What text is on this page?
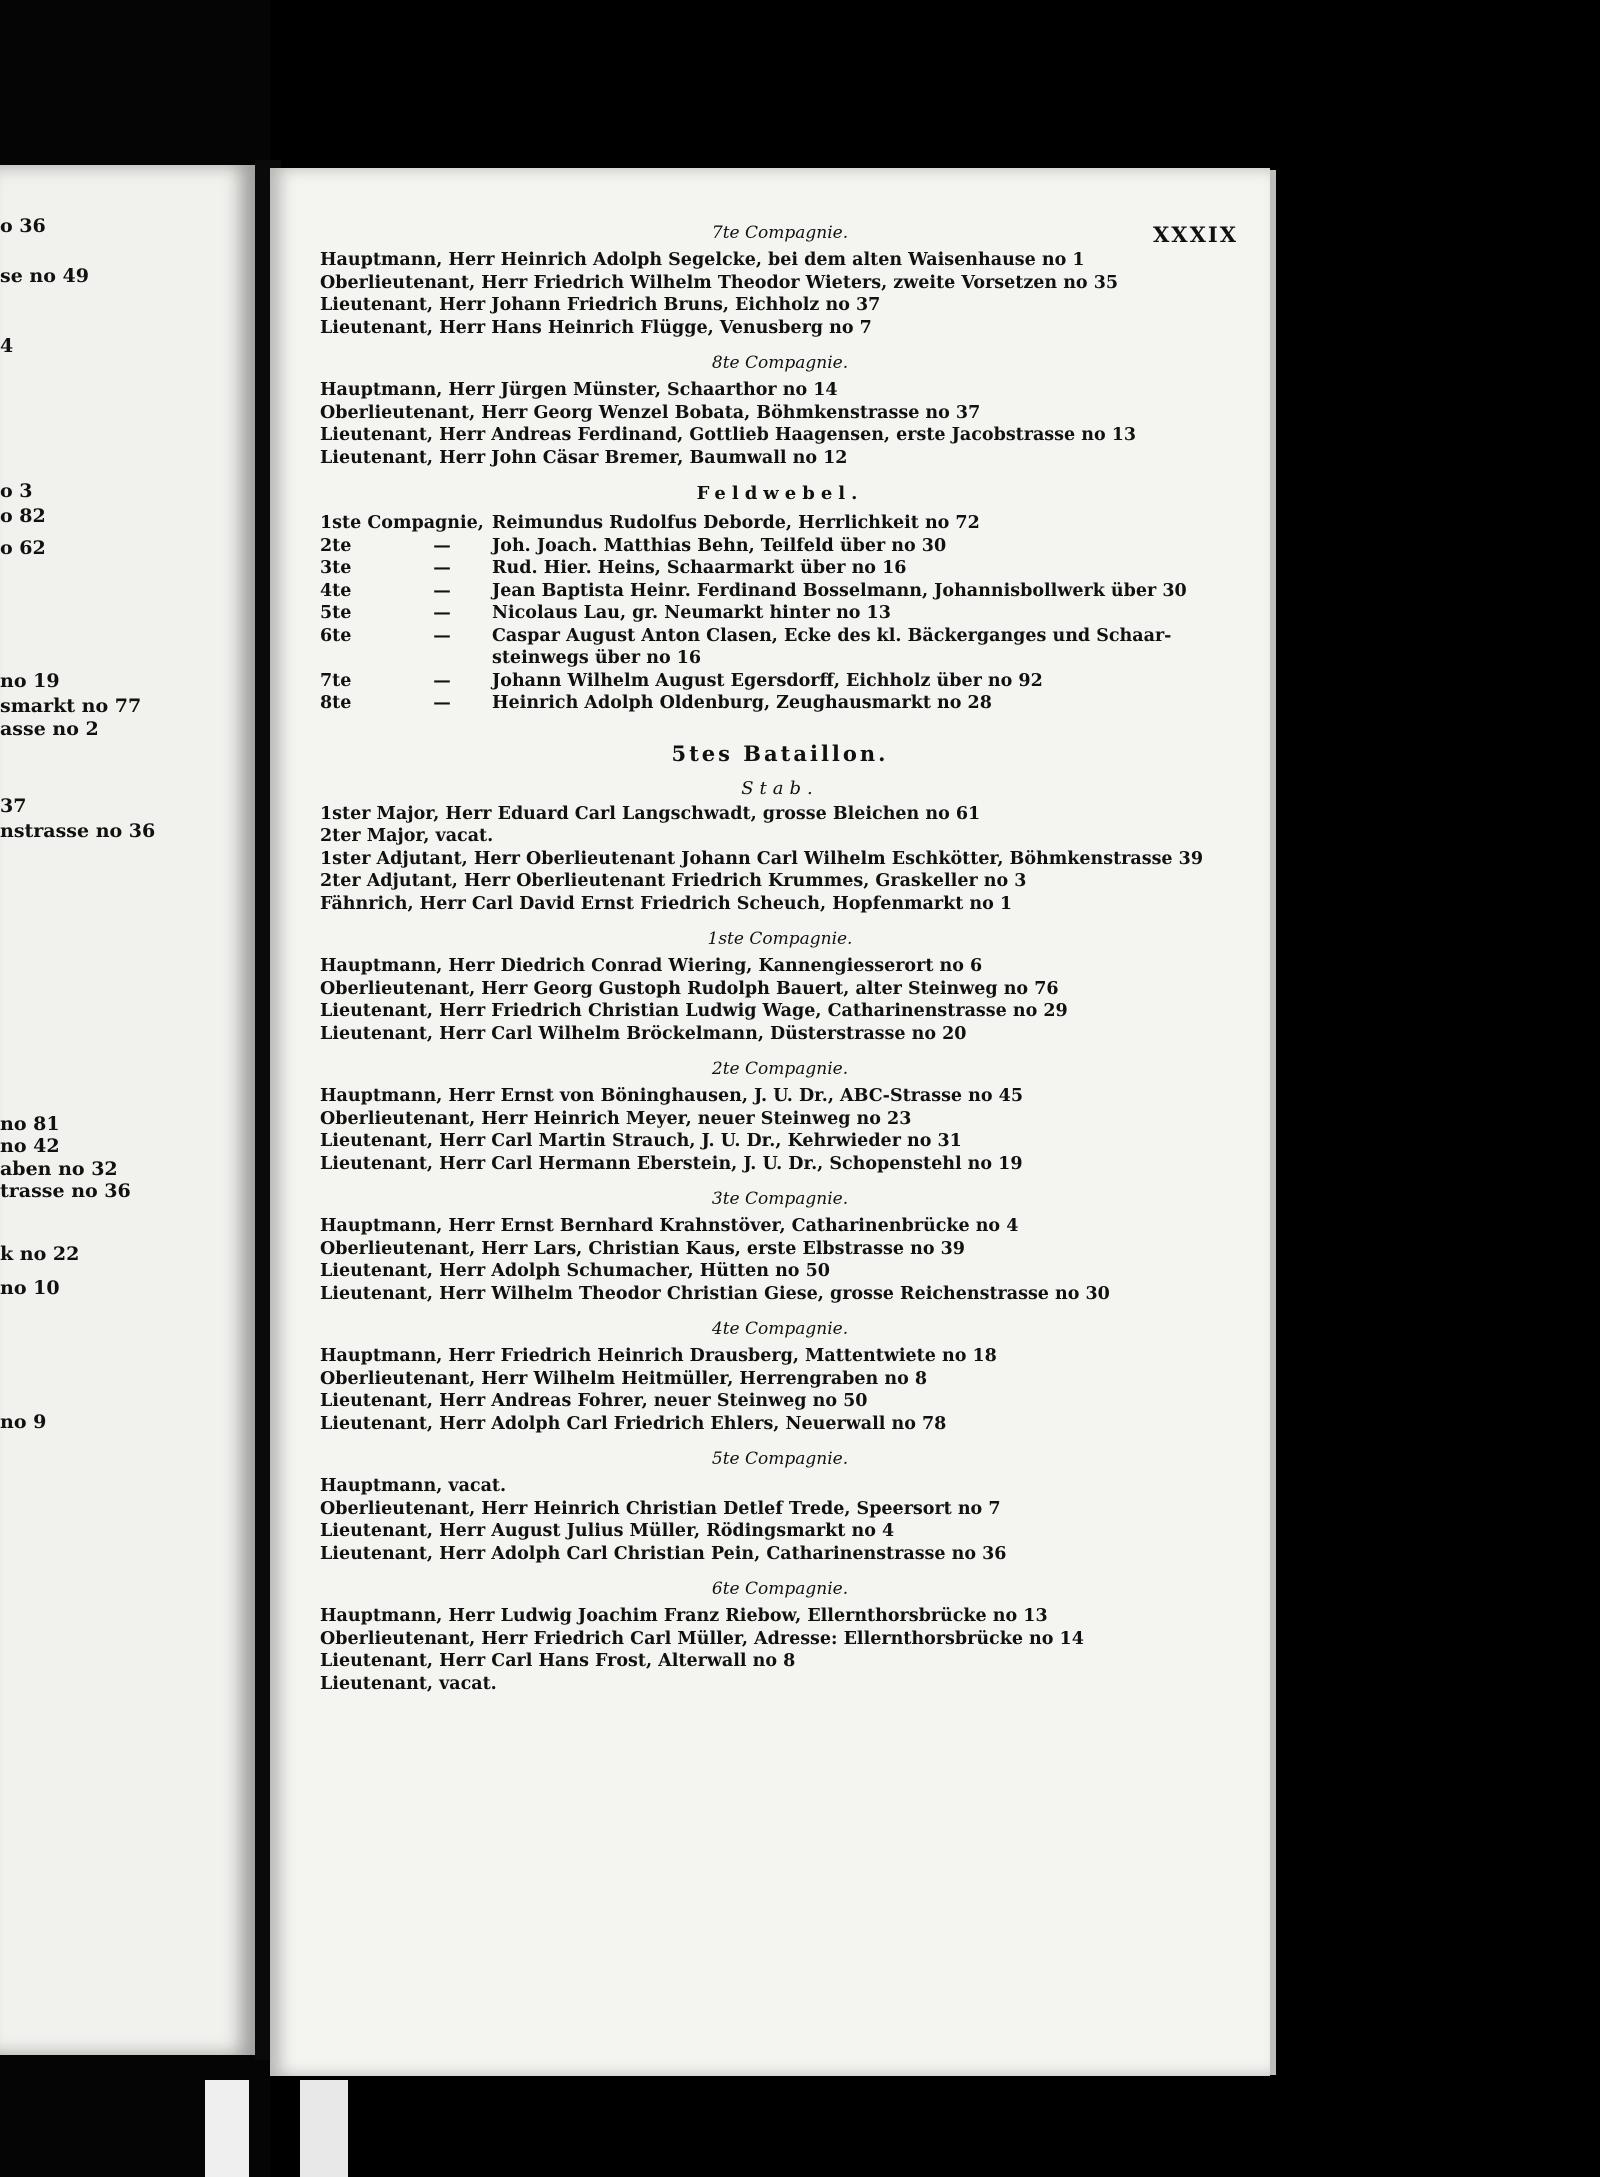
o 36
se no 49
4
o 3
o 82
o 62
no 19
smarkt no 77
asse no 2
37
nstrasse no 36
no 81
no 42
aben no 32
trasse no 36
k no 22
no 10
no 9
XXXIX
7te Compagnie.
Hauptmann, Herr Heinrich Adolph Segelcke, bei dem alten Waisenhause no 1
Oberlieutenant, Herr Friedrich Wilhelm Theodor Wieters, zweite Vorsetzen no 35
Lieutenant, Herr Johann Friedrich Bruns, Eichholz no 37
Lieutenant, Herr Hans Heinrich Flügge, Venusberg no 7
8te Compagnie.
Hauptmann, Herr Jürgen Münster, Schaarthor no 14
Oberlieutenant, Herr Georg Wenzel Bobata, Böhmkenstrasse no 37
Lieutenant, Herr Andreas Ferdinand, Gottlieb Haagensen, erste Jacobstrasse no 13
Lieutenant, Herr John Cäsar Bremer, Baumwall no 12
Feldwebel.
1ste Compagnie, Reimundus Rudolfus Deborde, Herrlichkeit no 72
2te	—	Joh. Joach. Matthias Behn, Teilfeld über no 30
3te	—	Rud. Hier. Heins, Schaarmarkt über no 16
4te	—	Jean Baptista Heinr. Ferdinand Bosselmann, Johannisbollwerk über 30
5te	—	Nicolaus Lau, gr. Neumarkt hinter no 13
6te	—	Caspar August Anton Clasen, Ecke des kl. Bäckerganges und Schaar-
steinwegs über no 16
7te	—	Johann Wilhelm August Egersdorff, Eichholz über no 92
8te	—	Heinrich Adolph Oldenburg, Zeughausmarkt no 28
5tes Bataillon.
Stab.
1ster Major, Herr Eduard Carl Langschwadt, grosse Bleichen no 61
2ter Major, vacat.
1ster Adjutant, Herr Oberlieutenant Johann Carl Wilhelm Eschkötter, Böhmkenstrasse 39
2ter Adjutant, Herr Oberlieutenant Friedrich Krummes, Graskeller no 3
Fähnrich, Herr Carl David Ernst Friedrich Scheuch, Hopfenmarkt no 1
1ste Compagnie.
Hauptmann, Herr Diedrich Conrad Wiering, Kannengiesserort no 6
Oberlieutenant, Herr Georg Gustoph Rudolph Bauert, alter Steinweg no 76
Lieutenant, Herr Friedrich Christian Ludwig Wage, Catharinenstrasse no 29
Lieutenant, Herr Carl Wilhelm Bröckelmann, Düsterstrasse no 20
2te Compagnie.
Hauptmann, Herr Ernst von Böninghausen, J. U. Dr., ABC-Strasse no 45
Oberlieutenant, Herr Heinrich Meyer, neuer Steinweg no 23
Lieutenant, Herr Carl Martin Strauch, J. U. Dr., Kehrwieder no 31
Lieutenant, Herr Carl Hermann Eberstein, J. U. Dr., Schopenstehl no 19
3te Compagnie.
Hauptmann, Herr Ernst Bernhard Krahnstöver, Catharinenbrücke no 4
Oberlieutenant, Herr Lars, Christian Kaus, erste Elbstrasse no 39
Lieutenant, Herr Adolph Schumacher, Hütten no 50
Lieutenant, Herr Wilhelm Theodor Christian Giese, grosse Reichenstrasse no 30
4te Compagnie.
Hauptmann, Herr Friedrich Heinrich Drausberg, Mattentwiete no 18
Oberlieutenant, Herr Wilhelm Heitmüller, Herrengraben no 8
Lieutenant, Herr Andreas Fohrer, neuer Steinweg no 50
Lieutenant, Herr Adolph Carl Friedrich Ehlers, Neuerwall no 78
5te Compagnie.
Hauptmann, vacat.
Oberlieutenant, Herr Heinrich Christian Detlef Trede, Speersort no 7
Lieutenant, Herr August Julius Müller, Rödingsmarkt no 4
Lieutenant, Herr Adolph Carl Christian Pein, Catharinenstrasse no 36
6te Compagnie.
Hauptmann, Herr Ludwig Joachim Franz Riebow, Ellernthorsbrücke no 13
Oberlieutenant, Herr Friedrich Carl Müller, Adresse: Ellernthorsbrücke no 14
Lieutenant, Herr Carl Hans Frost, Alterwall no 8
Lieutenant, vacat.
